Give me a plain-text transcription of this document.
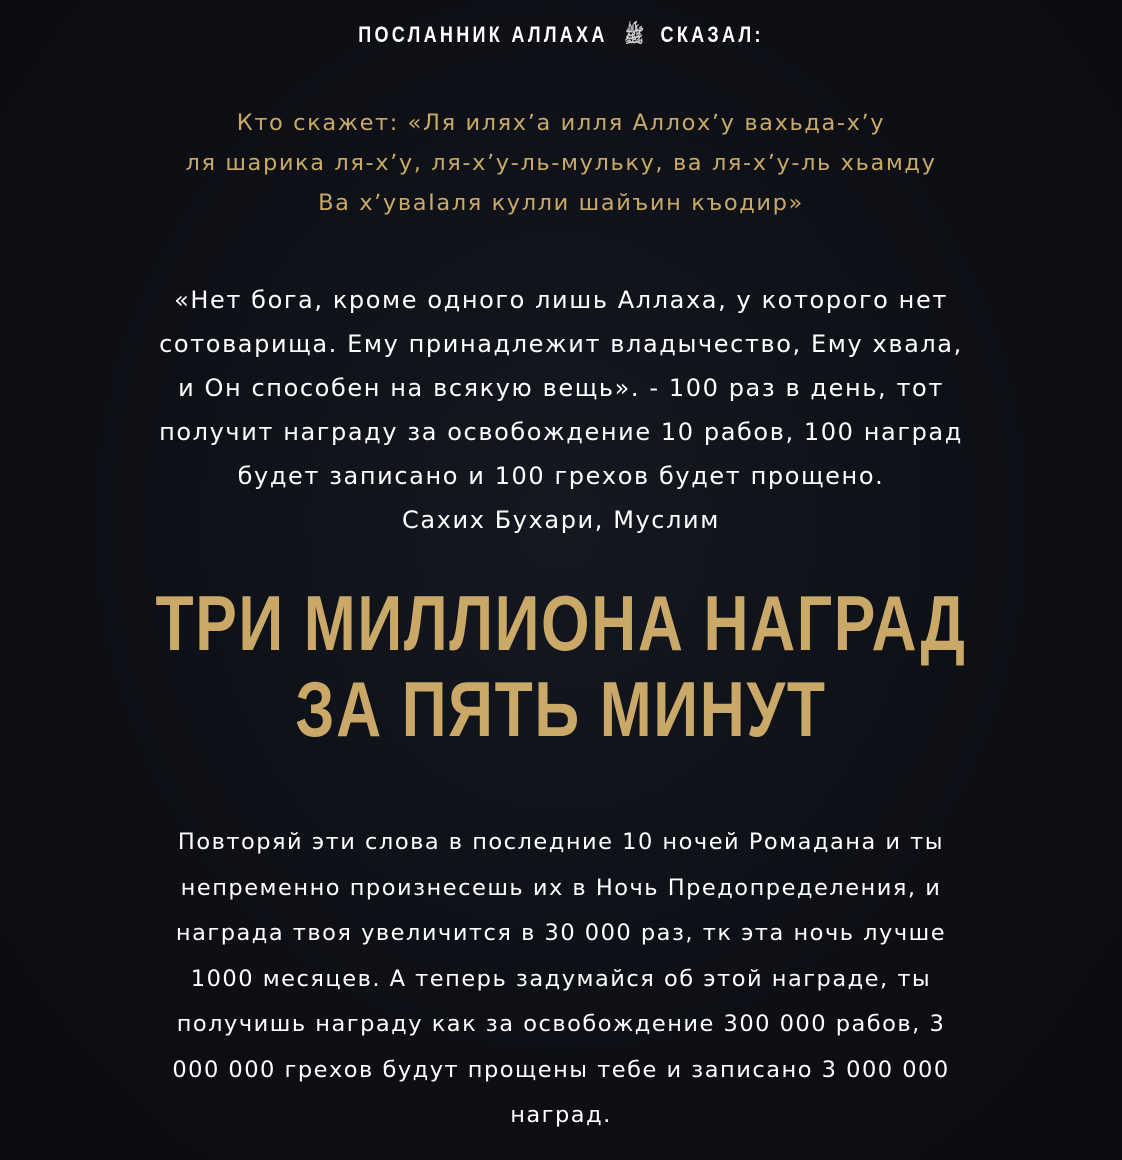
ПОСЛАННИК АЛЛАХА ﷺ СКАЗАЛ:
Кто скажет: «Ля иляхʼа илля Аллохʼу вахьда-хʼу
ля шарика ля-хʼу, ля-хʼу-ль-мульку, ва ля-хʼу-ль хьамду
Ва хʼуваӀаля кулли шайъин къодир»
«Нет бога, кроме одного лишь Аллаха, у которого нет
сотоварища. Ему принадлежит владычество, Ему хвала,
и Он способен на всякую вещь». - 100 раз в день, тот
получит награду за освобождение 10 рабов, 100 наград
будет записано и 100 грехов будет прощено.
Сахих Бухари, Муслим
ТРИ МИЛЛИОНА НАГРАД
ЗА ПЯТЬ МИНУТ
Повторяй эти слова в последние 10 ночей Ромадана и ты
непременно произнесешь их в Ночь Предопределения, и
награда твоя увеличится в 30 000 раз, тк эта ночь лучше
1000 месяцев. А теперь задумайся об этой награде, ты
получишь награду как за освобождение 300 000 рабов, 3
000 000 грехов будут прощены тебе и записано 3 000 000
наград.
